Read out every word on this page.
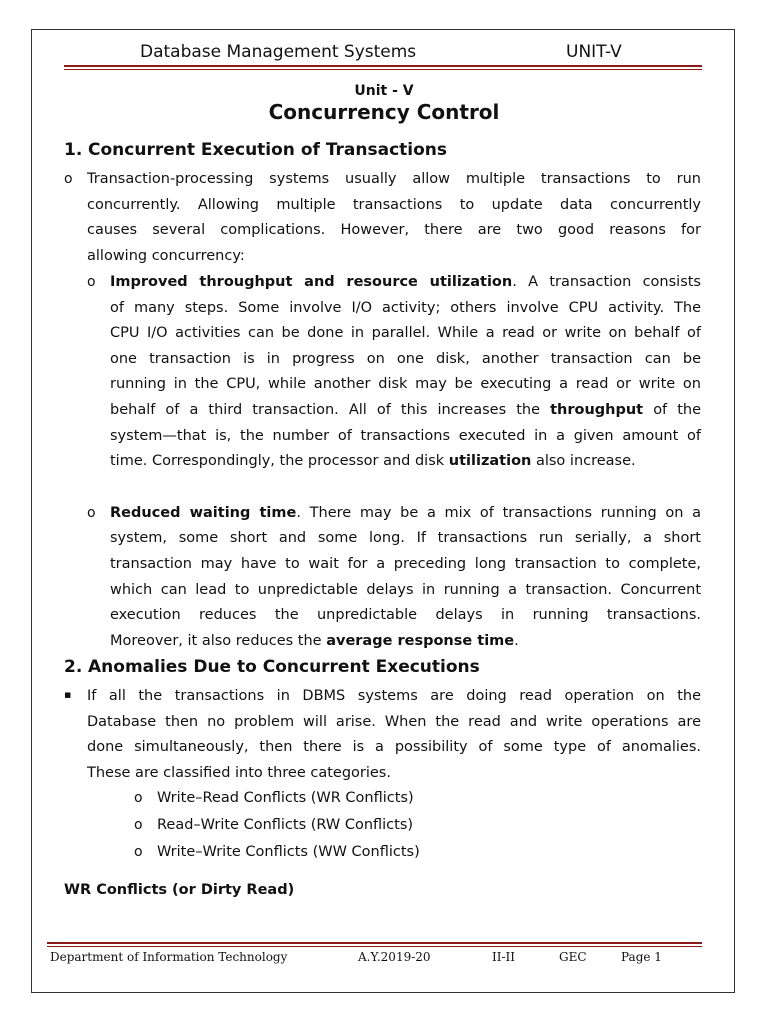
Database Management Systems	UNIT-V
Unit - V
Concurrency Control
1. Concurrent Execution of Transactions
o Transaction-processing systems usually allow multiple transactions to run
concurrently. Allowing multiple transactions to update data concurrently
causes several complications. However, there are two good reasons for
allowing concurrency:
o Improved throughput and resource utilization. A transaction consists
of many steps. Some involve I/O activity; others involve CPU activity. The
CPU I/O activities can be done in parallel. While a read or write on behalf of
one transaction is in progress on one disk, another transaction can be
running in the CPU, while another disk may be executing a read or write on
behalf of a third transaction. All of this increases the throughput of the
system—that is, the number of transactions executed in a given amount of
time. Correspondingly, the processor and disk utilization also increase.
o Reduced waiting time. There may be a mix of transactions running on a
system, some short and some long. If transactions run serially, a short
transaction may have to wait for a preceding long transaction to complete,
which can lead to unpredictable delays in running a transaction. Concurrent
execution reduces the unpredictable delays in running transactions.
Moreover, it also reduces the average response time.
2. Anomalies Due to Concurrent Executions
▪ If all the transactions in DBMS systems are doing read operation on the
Database then no problem will arise. When the read and write operations are
done simultaneously, then there is a possibility of some type of anomalies.
These are classified into three categories.
o Write–Read Conflicts (WR Conflicts)
o Read–Write Conflicts (RW Conflicts)
o Write–Write Conflicts (WW Conflicts)
WR Conflicts (or Dirty Read)
Department of Information Technology	A.Y.2019-20	II-II	GEC	Page 1
